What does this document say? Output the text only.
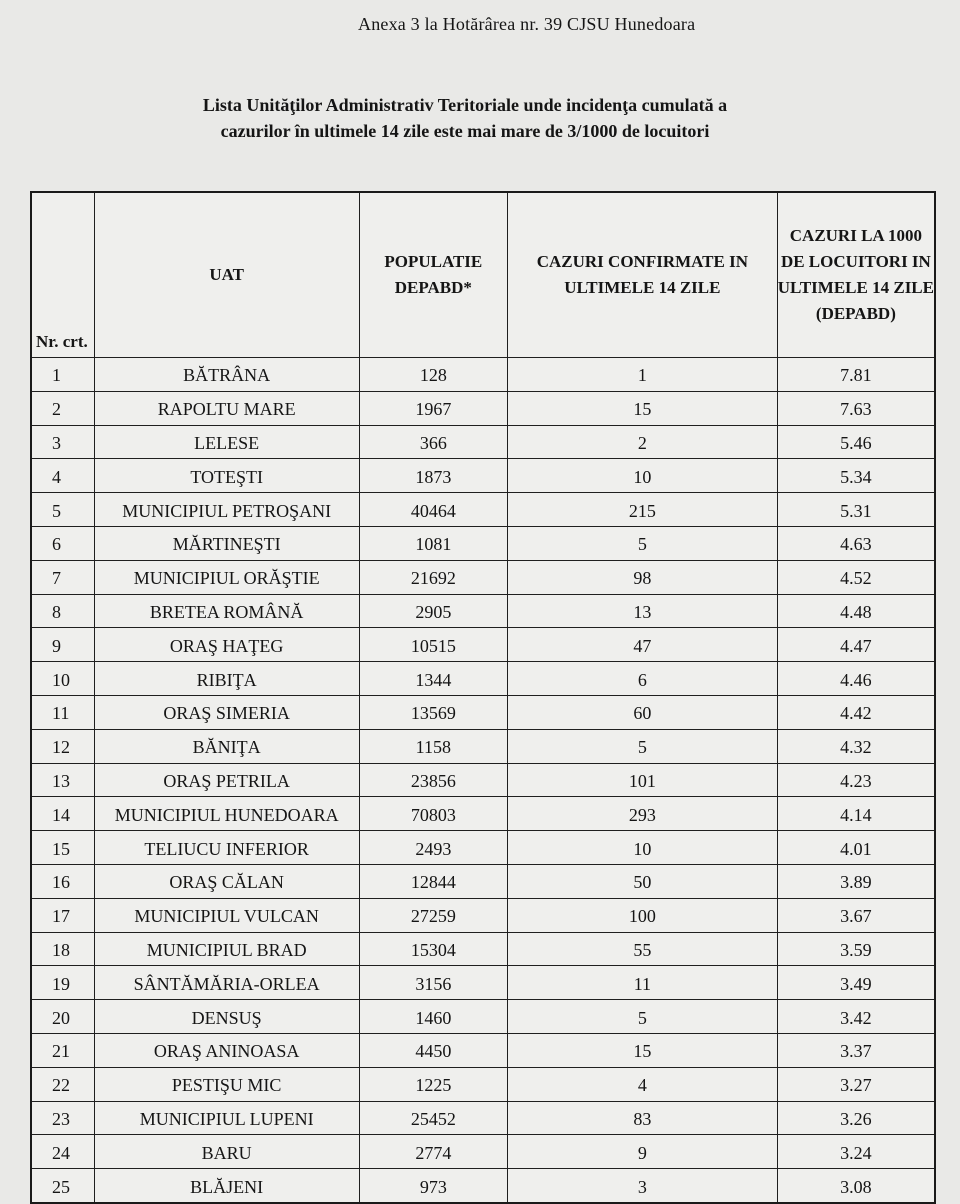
Anexa 3 la Hotărârea nr. 39 CJSU Hunedoara
Lista Unităţilor Administrativ Teritoriale unde incidenţa cumulată a
cazurilor în ultimele 14 zile este mai mare de 3/1000 de locuitori
Nr. crt.	UAT	POPULATIE DEPABD*	CAZURI CONFIRMATE IN ULTIMELE 14 ZILE	CAZURI LA 1000 DE LOCUITORI IN ULTIMELE 14 ZILE (DEPABD)
1	BĂTRÂNA	128	1	7.81
2	RAPOLTU MARE	1967	15	7.63
3	LELESE	366	2	5.46
4	TOTEŞTI	1873	10	5.34
5	MUNICIPIUL PETROŞANI	40464	215	5.31
6	MĂRTINEŞTI	1081	5	4.63
7	MUNICIPIUL ORĂŞTIE	21692	98	4.52
8	BRETEA ROMÂNĂ	2905	13	4.48
9	ORAŞ HAŢEG	10515	47	4.47
10	RIBIŢA	1344	6	4.46
11	ORAŞ SIMERIA	13569	60	4.42
12	BĂNIŢA	1158	5	4.32
13	ORAŞ PETRILA	23856	101	4.23
14	MUNICIPIUL HUNEDOARA	70803	293	4.14
15	TELIUCU INFERIOR	2493	10	4.01
16	ORAŞ CĂLAN	12844	50	3.89
17	MUNICIPIUL VULCAN	27259	100	3.67
18	MUNICIPIUL BRAD	15304	55	3.59
19	SÂNTĂMĂRIA-ORLEA	3156	11	3.49
20	DENSUŞ	1460	5	3.42
21	ORAŞ ANINOASA	4450	15	3.37
22	PESTIŞU MIC	1225	4	3.27
23	MUNICIPIUL LUPENI	25452	83	3.26
24	BARU	2774	9	3.24
25	BLĂJENI	973	3	3.08
